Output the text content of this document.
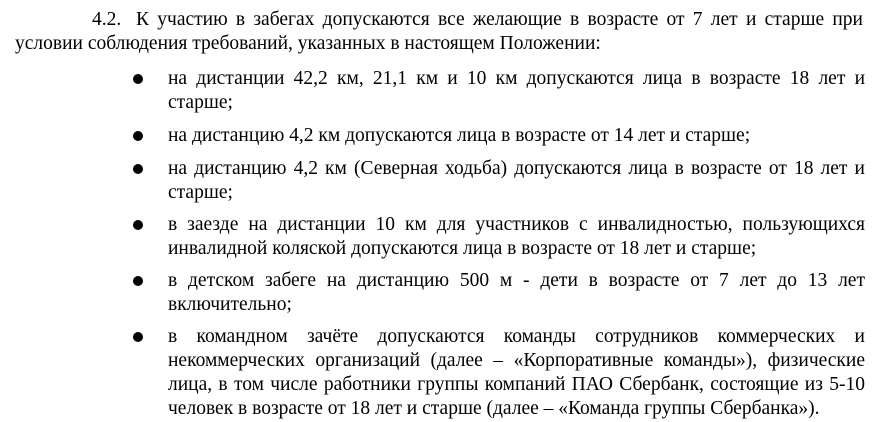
4.2. К участию в забегах допускаются все желающие в возрасте от 7 лет и старше при
условии соблюдения требований, указанных в настоящем Положении:
на дистанции 42,2 км, 21,1 км и 10 км допускаются лица в возрасте 18 лет и
старше;
на дистанцию 4,2 км допускаются лица в возрасте от 14 лет и старше;
на дистанцию 4,2 км (Северная ходьба) допускаются лица в возрасте от 18 лет и
старше;
в заезде на дистанции 10 км для участников с инвалидностью, пользующихся
инвалидной коляской допускаются лица в возрасте от 18 лет и старше;
в детском забеге на дистанцию 500 м - дети в возрасте от 7 лет до 13 лет
включительно;
в командном зачёте допускаются команды сотрудников коммерческих и
некоммерческих организаций (далее – «Корпоративные команды»), физические
лица, в том числе работники группы компаний ПАО Сбербанк, состоящие из 5-10
человек в возрасте от 18 лет и старше (далее – «Команда группы Сбербанка»).
